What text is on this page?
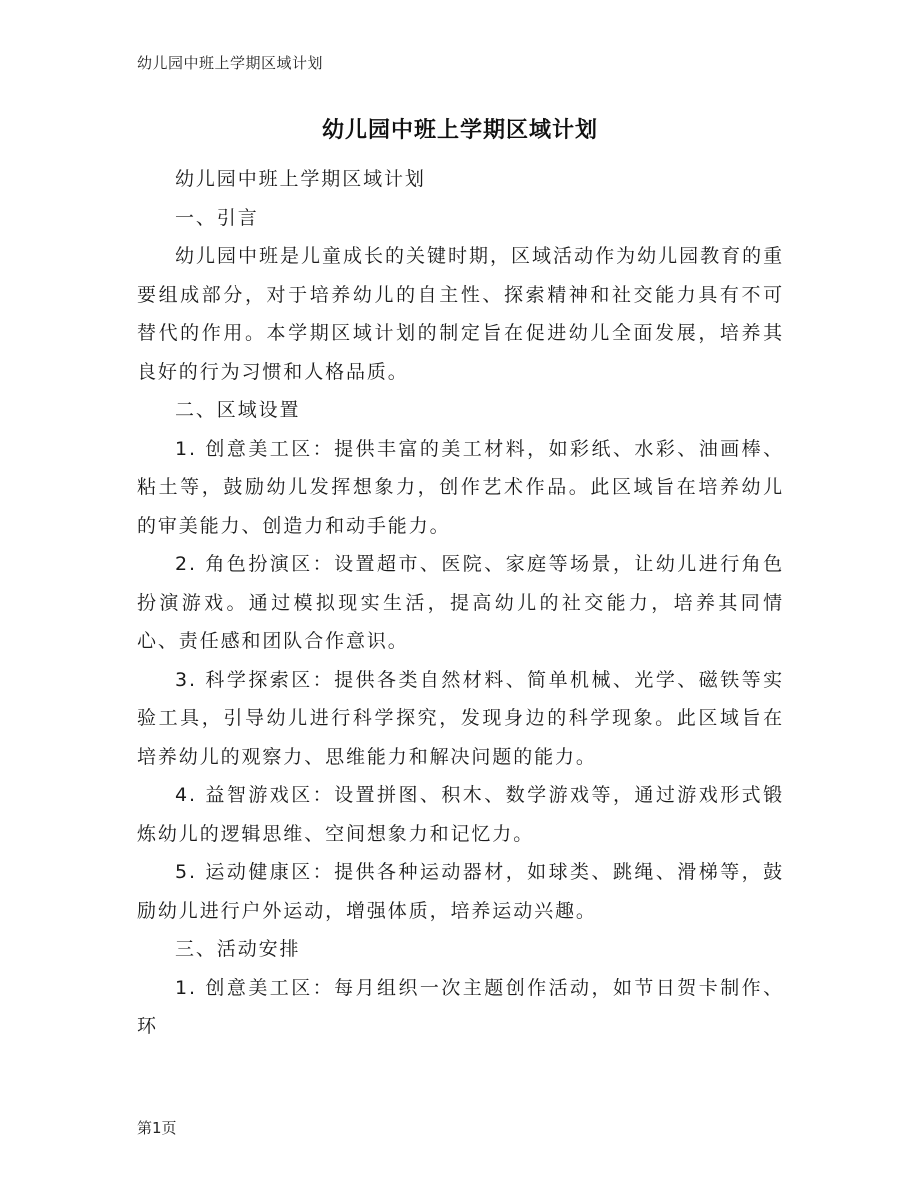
幼儿园中班上学期区域计划
幼儿园中班上学期区域计划

幼儿园中班上学期区域计划

一、引言

幼儿园中班是儿童成长的关键时期，区域活动作为幼儿园教育的重要组成部分，对于培养幼儿的自主性、探索精神和社交能力具有不可替代的作用。本学期区域计划的制定旨在促进幼儿全面发展，培养其良好的行为习惯和人格品质。

二、区域设置

1. 创意美工区：提供丰富的美工材料，如彩纸、水彩、油画棒、粘土等，鼓励幼儿发挥想象力，创作艺术作品。此区域旨在培养幼儿的审美能力、创造力和动手能力。

2. 角色扮演区：设置超市、医院、家庭等场景，让幼儿进行角色扮演游戏。通过模拟现实生活，提高幼儿的社交能力，培养其同情心、责任感和团队合作意识。

3. 科学探索区：提供各类自然材料、简单机械、光学、磁铁等实验工具，引导幼儿进行科学探究，发现身边的科学现象。此区域旨在培养幼儿的观察力、思维能力和解决问题的能力。

4. 益智游戏区：设置拼图、积木、数学游戏等，通过游戏形式锻炼幼儿的逻辑思维、空间想象力和记忆力。

5. 运动健康区：提供各种运动器材，如球类、跳绳、滑梯等，鼓励幼儿进行户外运动，增强体质，培养运动兴趣。

三、活动安排

1. 创意美工区：每月组织一次主题创作活动，如节日贺卡制作、环

第1页
